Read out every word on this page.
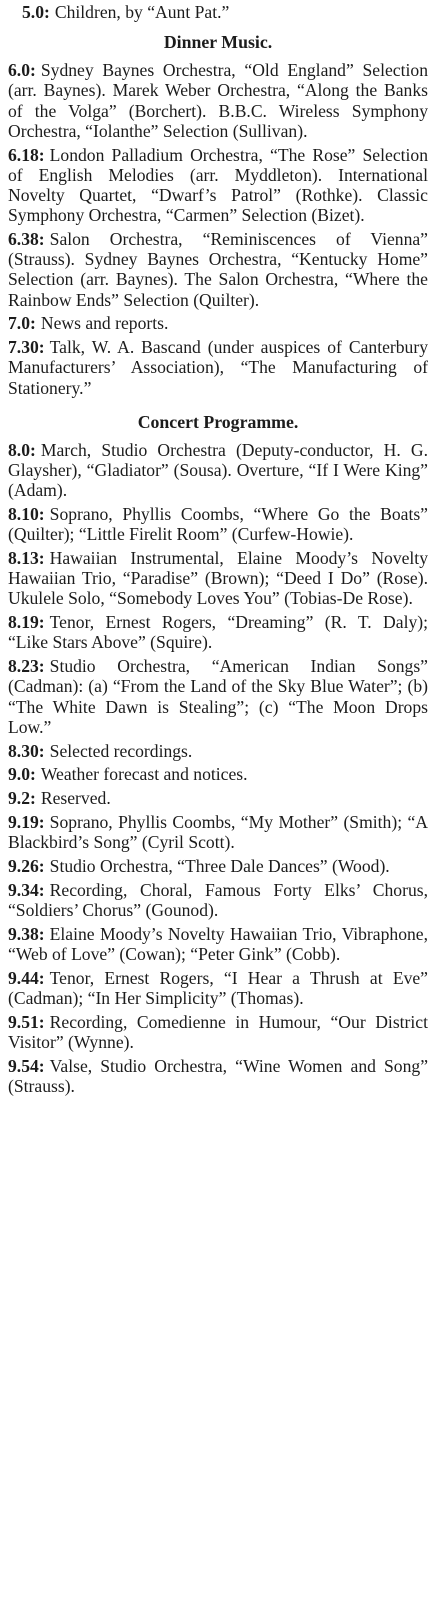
5.0: Children, by “Aunt Pat.”

Dinner Music.

6.0: Sydney Baynes Orchestra, “Old England” Selection (arr. Baynes). Marek Weber Orchestra, “Along the Banks of the Volga” (Borchert). B.B.C. Wireless Symphony Orchestra, “Iolanthe” Selection (Sullivan).

6.18: London Palladium Orchestra, “The Rose” Selection of English Melodies (arr. Myddleton). International Novelty Quartet, “Dwarf’s Patrol” (Rothke). Classic Symphony Orchestra, “Carmen” Selection (Bizet).

6.38: Salon Orchestra, “Reminiscences of Vienna” (Strauss). Sydney Baynes Orchestra, “Kentucky Home” Selection (arr. Baynes). The Salon Orchestra, “Where the Rainbow Ends” Selection (Quilter).

7.0: News and reports.

7.30: Talk, W. A. Bascand (under auspices of Canterbury Manufacturers’ Association), “The Manufacturing of Stationery.”

Concert Programme.

8.0: March, Studio Orchestra (Deputy-conductor, H. G. Glaysher), “Gladiator” (Sousa). Overture, “If I Were King” (Adam).

8.10: Soprano, Phyllis Coombs, “Where Go the Boats” (Quilter); “Little Firelit Room” (Curfew-Howie).

8.13: Hawaiian Instrumental, Elaine Moody’s Novelty Hawaiian Trio, “Paradise” (Brown); “Deed I Do” (Rose). Ukulele Solo, “Somebody Loves You” (Tobias-De Rose).

8.19: Tenor, Ernest Rogers, “Dreaming” (R. T. Daly); “Like Stars Above” (Squire).

8.23: Studio Orchestra, “American Indian Songs” (Cadman): (a) “From the Land of the Sky Blue Water”; (b) “The White Dawn is Stealing”; (c) “The Moon Drops Low.”

8.30: Selected recordings.

9.0: Weather forecast and notices.

9.2: Reserved.

9.19: Soprano, Phyllis Coombs, “My Mother” (Smith); “A Blackbird’s Song” (Cyril Scott).

9.26: Studio Orchestra, “Three Dale Dances” (Wood).

9.34: Recording, Choral, Famous Forty Elks’ Chorus, “Soldiers’ Chorus” (Gounod).

9.38: Elaine Moody’s Novelty Hawaiian Trio, Vibraphone, “Web of Love” (Cowan); “Peter Gink” (Cobb).

9.44: Tenor, Ernest Rogers, “I Hear a Thrush at Eve” (Cadman); “In Her Simplicity” (Thomas).

9.51: Recording, Comedienne in Humour, “Our District Visitor” (Wynne).

9.54: Valse, Studio Orchestra, “Wine Women and Song” (Strauss).
